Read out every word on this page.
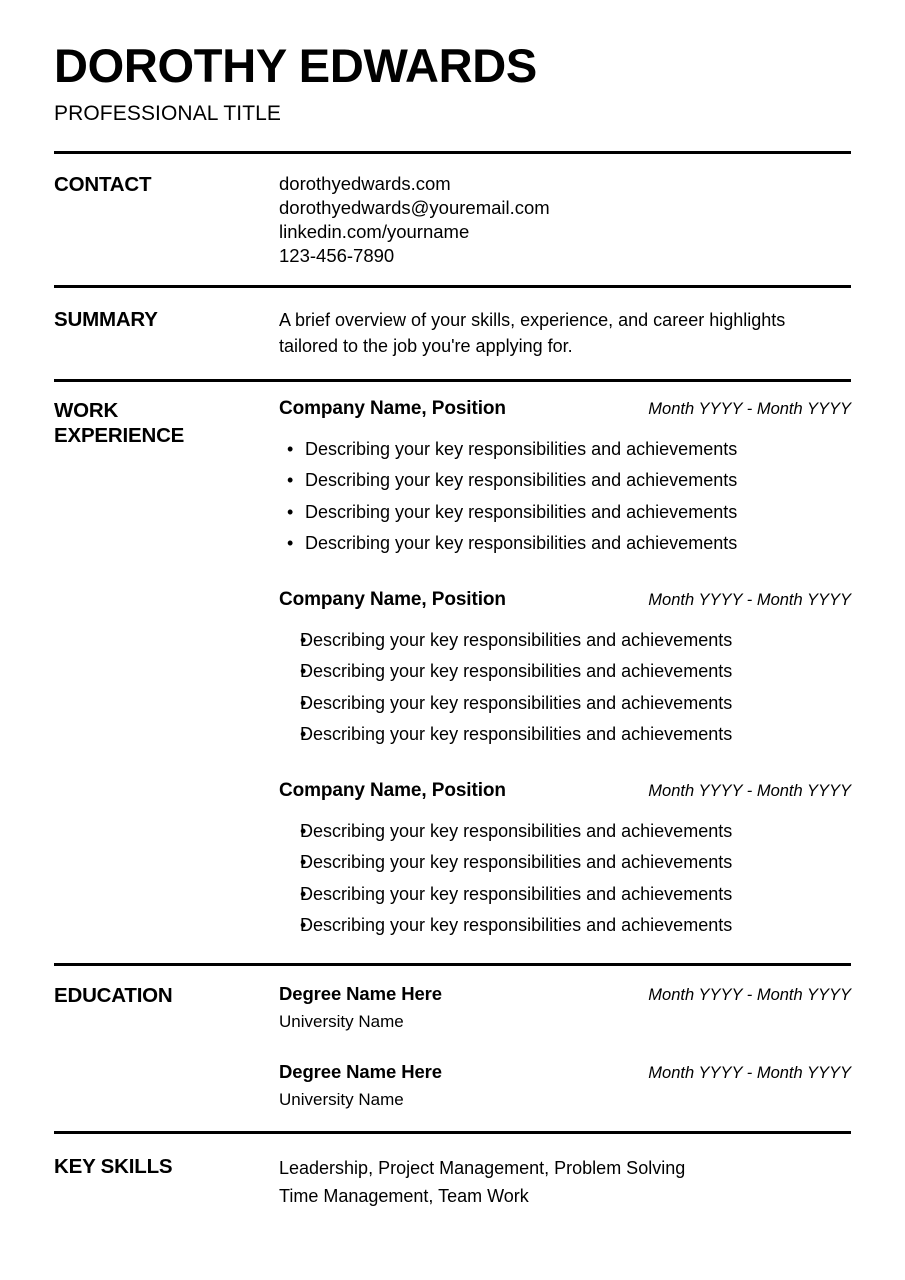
DOROTHY EDWARDS
PROFESSIONAL TITLE
CONTACT	dorothyedwards.com
dorothyedwards@youremail.com
linkedin.com/yourname
123-456-7890
SUMMARY	A brief overview of your skills, experience, and career highlights tailored to the job you're applying for.
WORK
EXPERIENCE
Company Name, Position	Month YYYY - Month YYYY
• Describing your key responsibilities and achievements
• Describing your key responsibilities and achievements
• Describing your key responsibilities and achievements
• Describing your key responsibilities and achievements
Company Name, Position	Month YYYY - Month YYYY
• Describing your key responsibilities and achievements
• Describing your key responsibilities and achievements
• Describing your key responsibilities and achievements
• Describing your key responsibilities and achievements
Company Name, Position	Month YYYY - Month YYYY
• Describing your key responsibilities and achievements
• Describing your key responsibilities and achievements
• Describing your key responsibilities and achievements
• Describing your key responsibilities and achievements
EDUCATION	Degree Name Here	Month YYYY - Month YYYY
University Name
Degree Name Here	Month YYYY - Month YYYY
University Name
KEY SKILLS	Leadership, Project Management, Problem Solving
Time Management, Team Work
